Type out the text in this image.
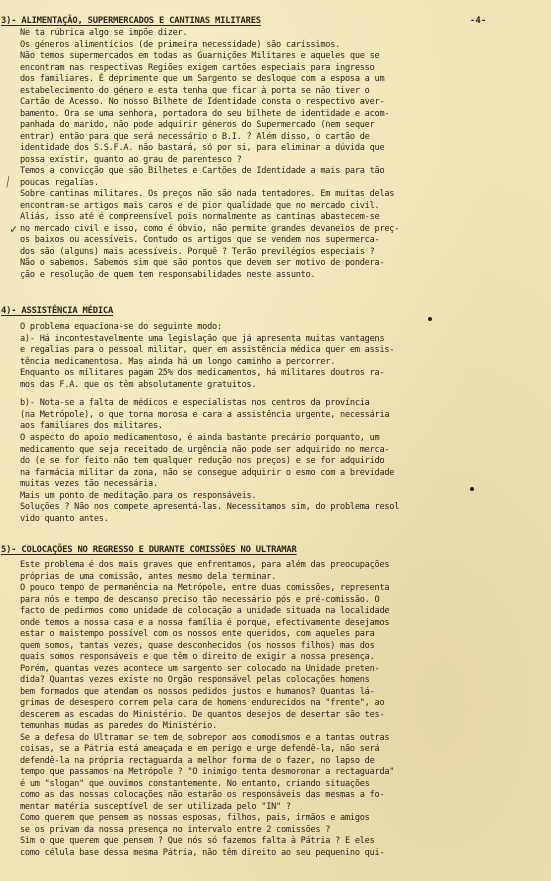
-4-
3)- ALIMENTAÇÃO, SUPERMERCADOS E CANTINAS MILITARES

Ne ta rúbrica algo se impõe dizer.

Os géneros alimentícios (de primeira necessidade) são caríssimos.

Não temos supermercados em todas as Guarnições Militares e aqueles que se

encontram nas respectivas Regiões exigem cartões especiais para ingresso

dos familiares. É deprimente que um Sargento se desloque com a esposa a um

estabelecimento do género e esta tenha que ficar à porta se não tiver o

Cartão de Acesso. No nosso Bilhete de Identidade consta o respectivo aver-

bamento. Ora se uma senhora, portadora do seu bilhete de identidade e acom-

panhada do marido, não pode adquirir géneros do Supermercado (nem sequer

entrar) então para que será necessário o B.I. ? Além disso, o cartão de

identidade dos S.S.F.A. não bastará, só por si, para eliminar a dúvida que

possa existir, quanto ao grau de parentesco ?

Temos a convicção que são Bilhetes e Cartões de Identidade a mais para tão

poucas regalias.

Sobre cantinas militares. Os preços não são nada tentadores. Em muitas delas

encontram-se artigos mais caros e de pior qualidade que no mercado civil.

Aliás, isso até é compreensível pois normalmente as cantinas abastecem-se

no mercado civil e isso, como é óbvio, não permite grandes devaneios de preç-

os baixos ou acessíveis. Contudo os artigos que se vendem nos supermerca-

dos são (alguns) mais acessíveis. Porquê ? Terão previlégios especiais ?

Não o sabemos. Sabemos sim que são pontos que devem ser motivo de pondera-

ção e resolução de quem tem responsabilidades neste assunto.

⟋
✓
4)- ASSISTÊNCIA MÉDICA

O problema equaciona-se do seguinte modo:

a)- Há incontestavelmente uma legislação que já apresenta muitas vantagens

e regalias para o pessoal militar, quer em assistência médica quer em assis-

tência medicamentosa. Mas ainda há um longo caminho a percorrer.

Enquanto os militares pagam 25% dos medicamentos, há militares doutros ra-

mos das F.A. que os têm absolutamente gratuitos.

b)- Nota-se a falta de médicos e especialistas nos centros da província

(na Metrópole), o que torna morosa e cara a assistência urgente, necessária

aos familiares dos militares.

O aspecto do apoio medicamentoso, é ainda bastante precário porquanto, um

medicamento que seja receitado de urgência não pode ser adquirido no merca-

do (e se for feito não tem qualquer redução nos preços) e se for adquirido

na farmácia militar da zona, não se consegue adquirir o esmo com a brevidade

muitas vezes tão necessária.

Mais um ponto de meditação para os responsáveis.

Soluções ? Não nos compete apresentá-las. Necessitamos sim, do problema resol

vido quanto antes.

5)- COLOCAÇÕES NO REGRESSO E DURANTE COMISSÕES NO ULTRAMAR

Este problema é dos mais graves que enfrentamos, para além das preocupações

próprias de uma comissão, antes mesmo dela terminar.

O pouco tempo de permanência na Metrópole, entre duas comissões, representa

para nós e tempo de descanso preciso tão necessário pós e pré-comissão. O

facto de pedirmos como unidade de colocação a unidade situada na localidade

onde temos a nossa casa e a nossa família é porque, efectivamente desejamos

estar o maistempo possível com os nossos ente queridos, com aqueles para

quem somos, tantas vezes, quase desconhecidos (os nossos filhos) mas dos

quais somos responsáveis e que têm o direito de exigir a nossa presença.

Porém, quantas vezes acontece um sargento ser colocado na Unidade preten-

dida? Quantas vezes existe no Orgão responsável pelas colocações homens

bem formados que atendam os nossos pedidos justos e humanos? Quantas lá-

grimas de desespero correm pela cara de homens endurecidos na "frente", ao

descerem as escadas do Ministério. De quantos desejos de desertar são tes-

temunhas mudas as paredes do Ministério.

Se a defesa do Ultramar se tem de sobrepor aos comodismos e a tantas outras

coisas, se a Pátria está ameaçada e em perigo e urge defendê-la, não será

defendê-la na própria rectaguarda a melhor forma de o fazer, no lapso de

tempo que passamos na Metrópole ? "O inimigo tenta desmoronar a rectaguarda"

é um "slogan" que ouvimos constantemente. No entanto, criando situações

como as das nossas colocações não estarão os responsáveis das mesmas a fo-

mentar matéria susceptível de ser utilizada pelo "IN" ?

Como querem que pensem as nossas esposas, filhos, pais, irmãos e amigos

se os privam da nossa presença no intervalo entre 2 comissões ?

Sim o que querem que pensem ? Que nós só fazemos falta à Pátria ? E eles

como célula base dessa mesma Pátria, não têm direito ao seu pequenino qui-
